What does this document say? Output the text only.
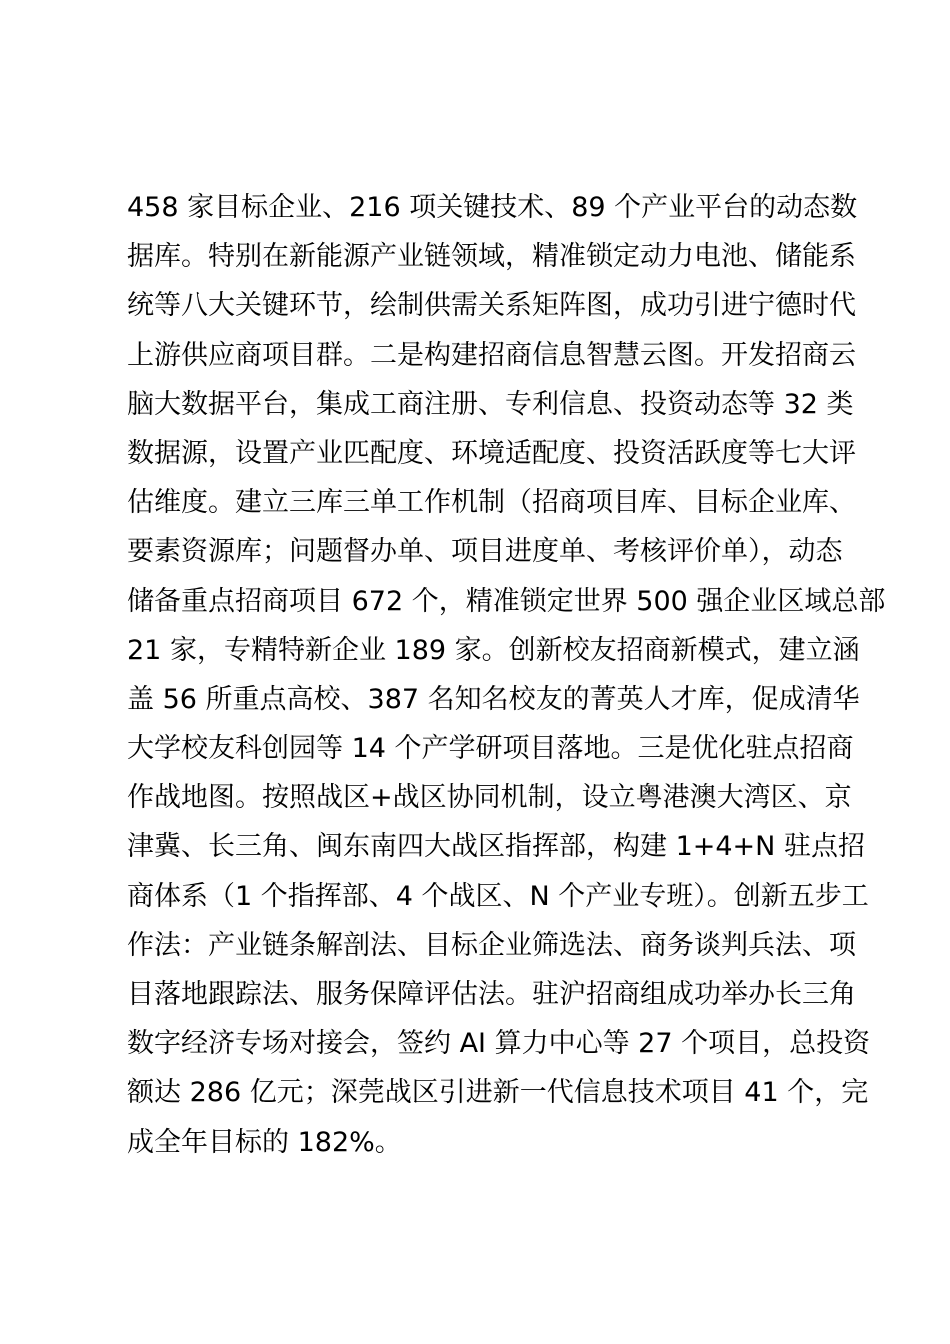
458 家目标企业、216 项关键技术、89 个产业平台的动态数
据库。特别在新能源产业链领域，精准锁定动力电池、储能系
统等八大关键环节，绘制供需关系矩阵图，成功引进宁德时代
上游供应商项目群。二是构建招商信息智慧云图。开发招商云
脑大数据平台，集成工商注册、专利信息、投资动态等 32 类
数据源，设置产业匹配度、环境适配度、投资活跃度等七大评
估维度。建立三库三单工作机制（招商项目库、目标企业库、
要素资源库；问题督办单、项目进度单、考核评价单），动态
储备重点招商项目 672 个，精准锁定世界 500 强企业区域总部
21 家，专精特新企业 189 家。创新校友招商新模式，建立涵
盖 56 所重点高校、387 名知名校友的菁英人才库，促成清华
大学校友科创园等 14 个产学研项目落地。三是优化驻点招商
作战地图。按照战区+战区协同机制，设立粤港澳大湾区、京
津冀、长三角、闽东南四大战区指挥部，构建 1+4+N 驻点招
商体系（1 个指挥部、4 个战区、N 个产业专班）。创新五步工
作法：产业链条解剖法、目标企业筛选法、商务谈判兵法、项
目落地跟踪法、服务保障评估法。驻沪招商组成功举办长三角
数字经济专场对接会，签约 AI 算力中心等 27 个项目，总投资
额达 286 亿元；深莞战区引进新一代信息技术项目 41 个，完
成全年目标的 182%。
